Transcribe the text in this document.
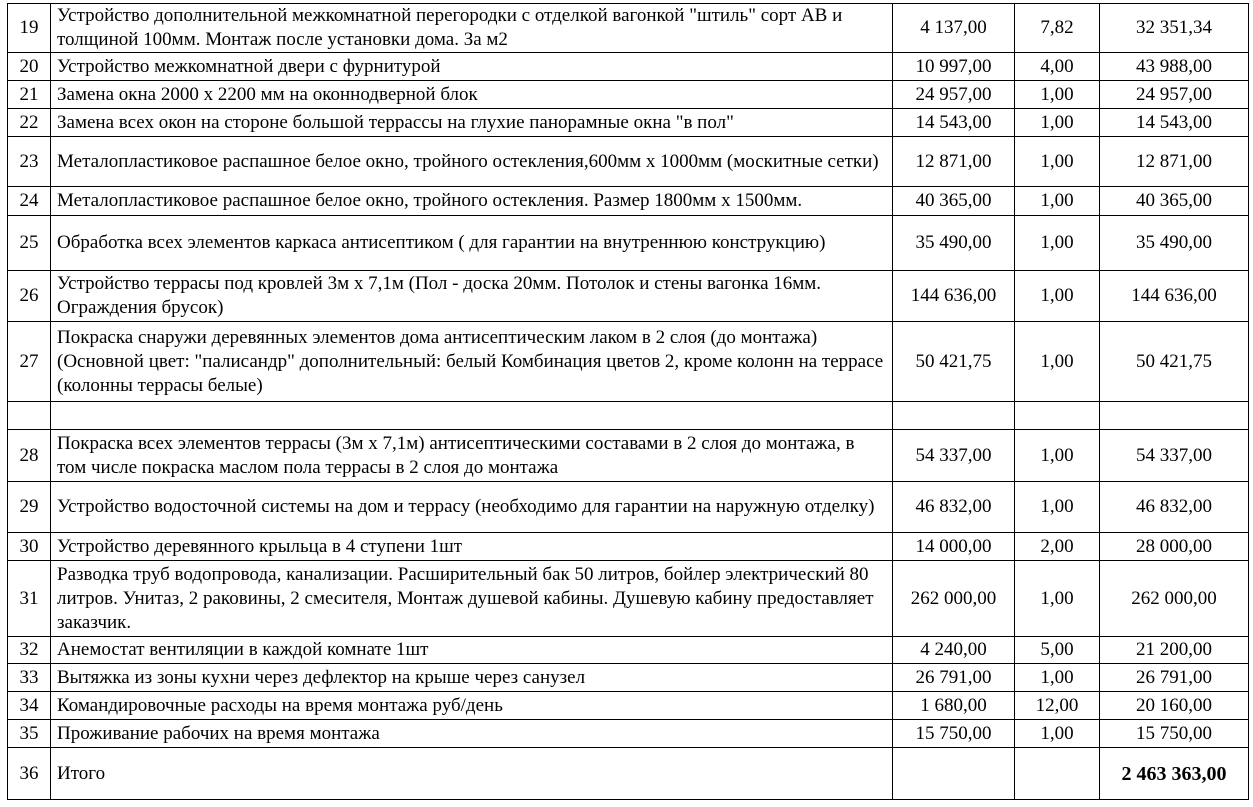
19	Устройство дополнительной межкомнатной перегородки с отделкой вагонкой "штиль" сорт АВ и толщиной 100мм. Монтаж после установки дома. За м2	4 137,00	7,82	32 351,34
20	Устройство межкомнатной двери с фурнитурой	10 997,00	4,00	43 988,00
21	Замена окна 2000 х 2200 мм на оконнодверной блок	24 957,00	1,00	24 957,00
22	Замена всех окон на стороне большой террассы на глухие панорамные окна "в пол"	14 543,00	1,00	14 543,00
23	Металопластиковое распашное белое окно, тройного остекления,600мм х 1000мм (москитные сетки)	12 871,00	1,00	12 871,00
24	Металопластиковое распашное белое окно, тройного остекления. Размер 1800мм х 1500мм.	40 365,00	1,00	40 365,00
25	Обработка всех элементов каркаса антисептиком ( для гарантии на внутреннюю конструкцию)	35 490,00	1,00	35 490,00
26	Устройство террасы под кровлей 3м х 7,1м (Пол - доска 20мм. Потолок и стены вагонка 16мм. Ограждения брусок)	144 636,00	1,00	144 636,00
27	Покраска снаружи деревянных элементов дома антисептическим лаком в 2 слоя (до монтажа) (Основной цвет: "палисандр" дополнительный: белый Комбинация цветов 2, кроме колонн на террасе (колонны террасы белые)	50 421,75	1,00	50 421,75

28	Покраска всех элементов террасы (3м х 7,1м) антисептическими составами в 2 слоя до монтажа, в том числе покраска маслом пола террасы в 2 слоя до монтажа	54 337,00	1,00	54 337,00
29	Устройство водосточной системы на дом и террасу (необходимо для гарантии на наружную отделку)	46 832,00	1,00	46 832,00
30	Устройство деревянного крыльца в 4 ступени 1шт	14 000,00	2,00	28 000,00
31	Разводка труб водопровода, канализации. Расширительный бак 50 литров, бойлер электрический 80 литров. Унитаз, 2 раковины, 2 смесителя, Монтаж душевой кабины. Душевую кабину предоставляет заказчик.	262 000,00	1,00	262 000,00
32	Анемостат вентиляции в каждой комнате 1шт	4 240,00	5,00	21 200,00
33	Вытяжка из зоны кухни через дефлектор на крыше через санузел	26 791,00	1,00	26 791,00
34	Командировочные расходы на время монтажа руб/день	1 680,00	12,00	20 160,00
35	Проживание рабочих на время монтажа	15 750,00	1,00	15 750,00
36	Итого			2 463 363,00
